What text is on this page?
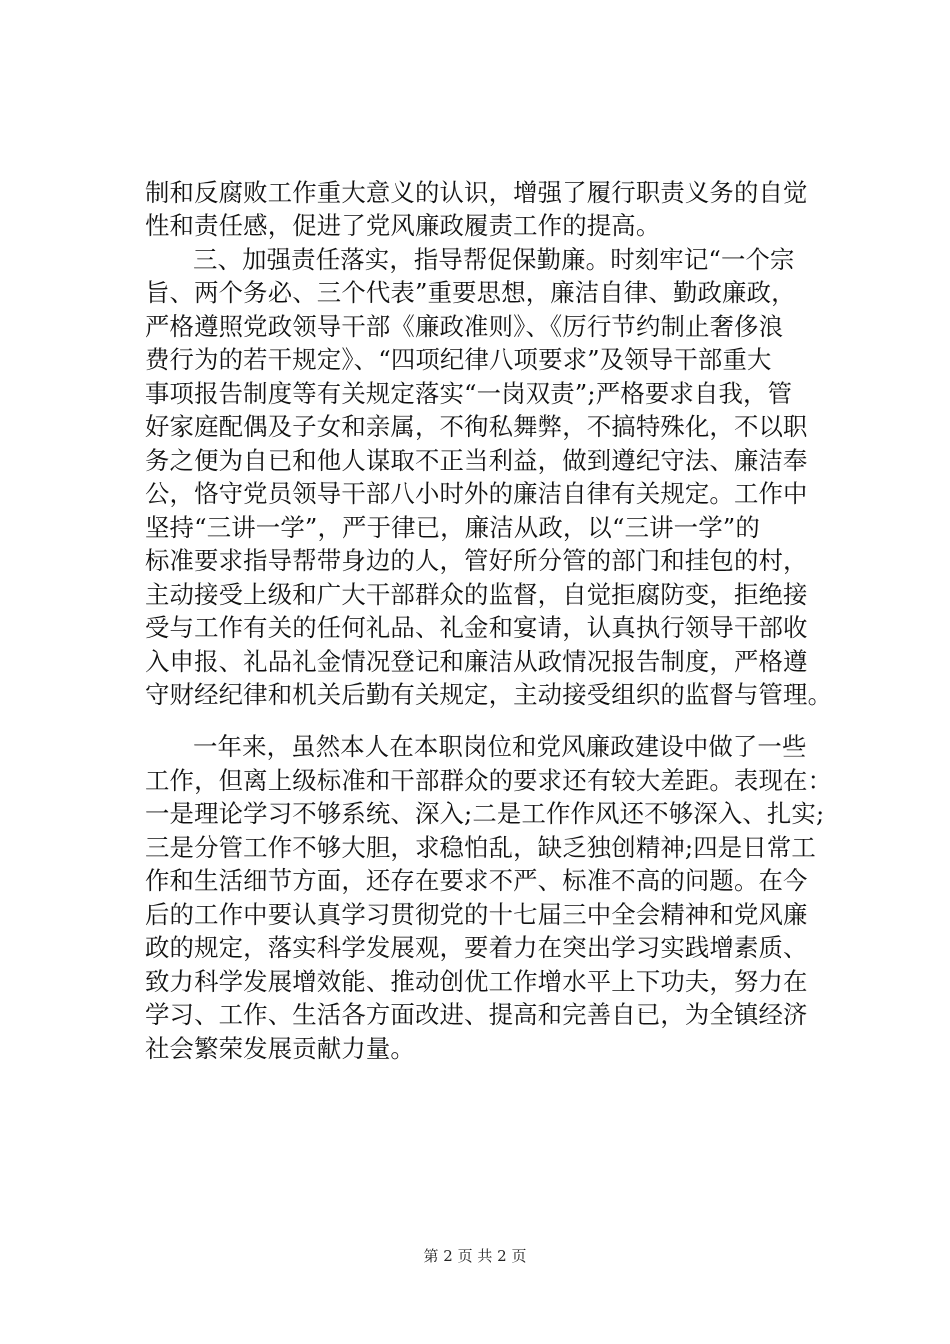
制和反腐败工作重大意义的认识，增强了履行职责义务的自觉
性和责任感，促进了党风廉政履责工作的提高。
三、加强责任落实，指导帮促保勤廉。时刻牢记“一个宗
旨、两个务必、三个代表”重要思想，廉洁自律、勤政廉政，
严格遵照党政领导干部《廉政准则》、《厉行节约制止奢侈浪
费行为的若干规定》、“四项纪律八项要求”及领导干部重大
事项报告制度等有关规定落实“一岗双责”;严格要求自我，管
好家庭配偶及子女和亲属，不徇私舞弊，不搞特殊化，不以职
务之便为自已和他人谋取不正当利益，做到遵纪守法、廉洁奉
公，恪守党员领导干部八小时外的廉洁自律有关规定。工作中
坚持“三讲一学”，严于律已，廉洁从政，以“三讲一学”的
标准要求指导帮带身边的人，管好所分管的部门和挂包的村，
主动接受上级和广大干部群众的监督，自觉拒腐防变，拒绝接
受与工作有关的任何礼品、礼金和宴请，认真执行领导干部收
入申报、礼品礼金情况登记和廉洁从政情况报告制度，严格遵
守财经纪律和机关后勤有关规定，主动接受组织的监督与管理。
一年来，虽然本人在本职岗位和党风廉政建设中做了一些
工作，但离上级标准和干部群众的要求还有较大差距。表现在：
一是理论学习不够系统、深入;二是工作作风还不够深入、扎实;
三是分管工作不够大胆，求稳怕乱，缺乏独创精神;四是日常工
作和生活细节方面，还存在要求不严、标准不高的问题。在今
后的工作中要认真学习贯彻党的十七届三中全会精神和党风廉
政的规定，落实科学发展观，要着力在突出学习实践增素质、
致力科学发展增效能、推动创优工作增水平上下功夫，努力在
学习、工作、生活各方面改进、提高和完善自已，为全镇经济
社会繁荣发展贡献力量。
第 2 页 共 2 页
